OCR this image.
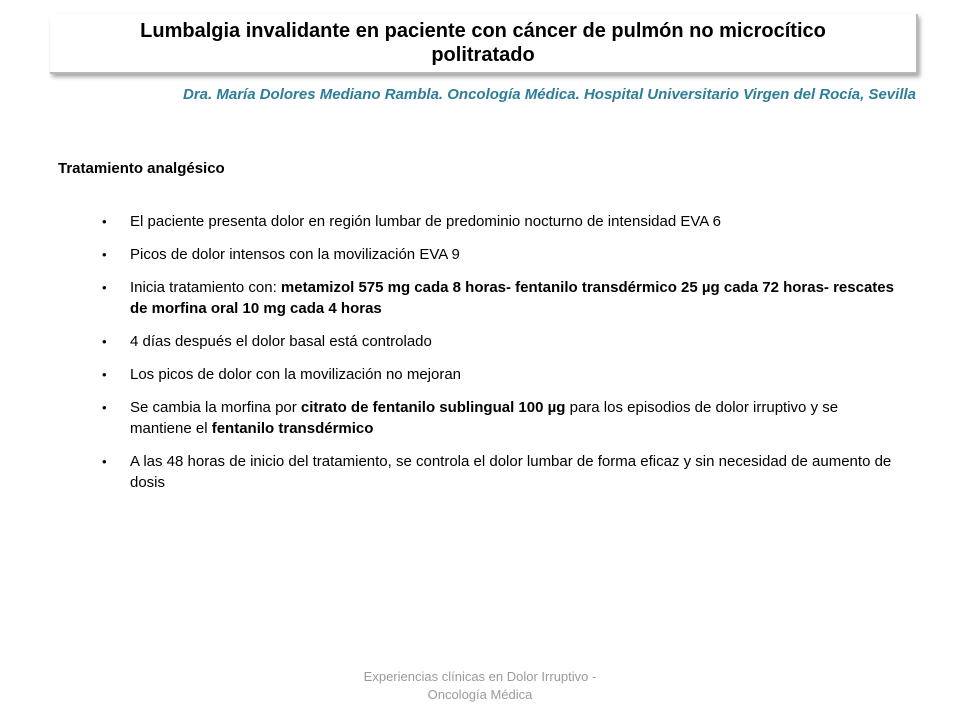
Lumbalgia invalidante en paciente con cáncer de pulmón no microcítico politratado
Dra. María Dolores Mediano Rambla. Oncología Médica. Hospital Universitario Virgen del Rocía, Sevilla
Tratamiento analgésico
• El paciente presenta dolor en región lumbar de predominio nocturno de intensidad EVA 6
• Picos de dolor intensos con la movilización EVA 9
• Inicia tratamiento con: metamizol 575 mg cada 8 horas- fentanilo transdérmico 25 µg cada 72 horas- rescates de morfina oral 10 mg cada 4 horas
• 4 días después el dolor basal está controlado
• Los picos de dolor con la movilización no mejoran
• Se cambia la morfina por citrato de fentanilo sublingual 100 µg para los episodios de dolor irruptivo y se mantiene el fentanilo transdérmico
• A las 48 horas de inicio del tratamiento, se controla el dolor lumbar de forma eficaz y sin necesidad de aumento de dosis
Experiencias clínicas en Dolor Irruptivo -
Oncología Médica
